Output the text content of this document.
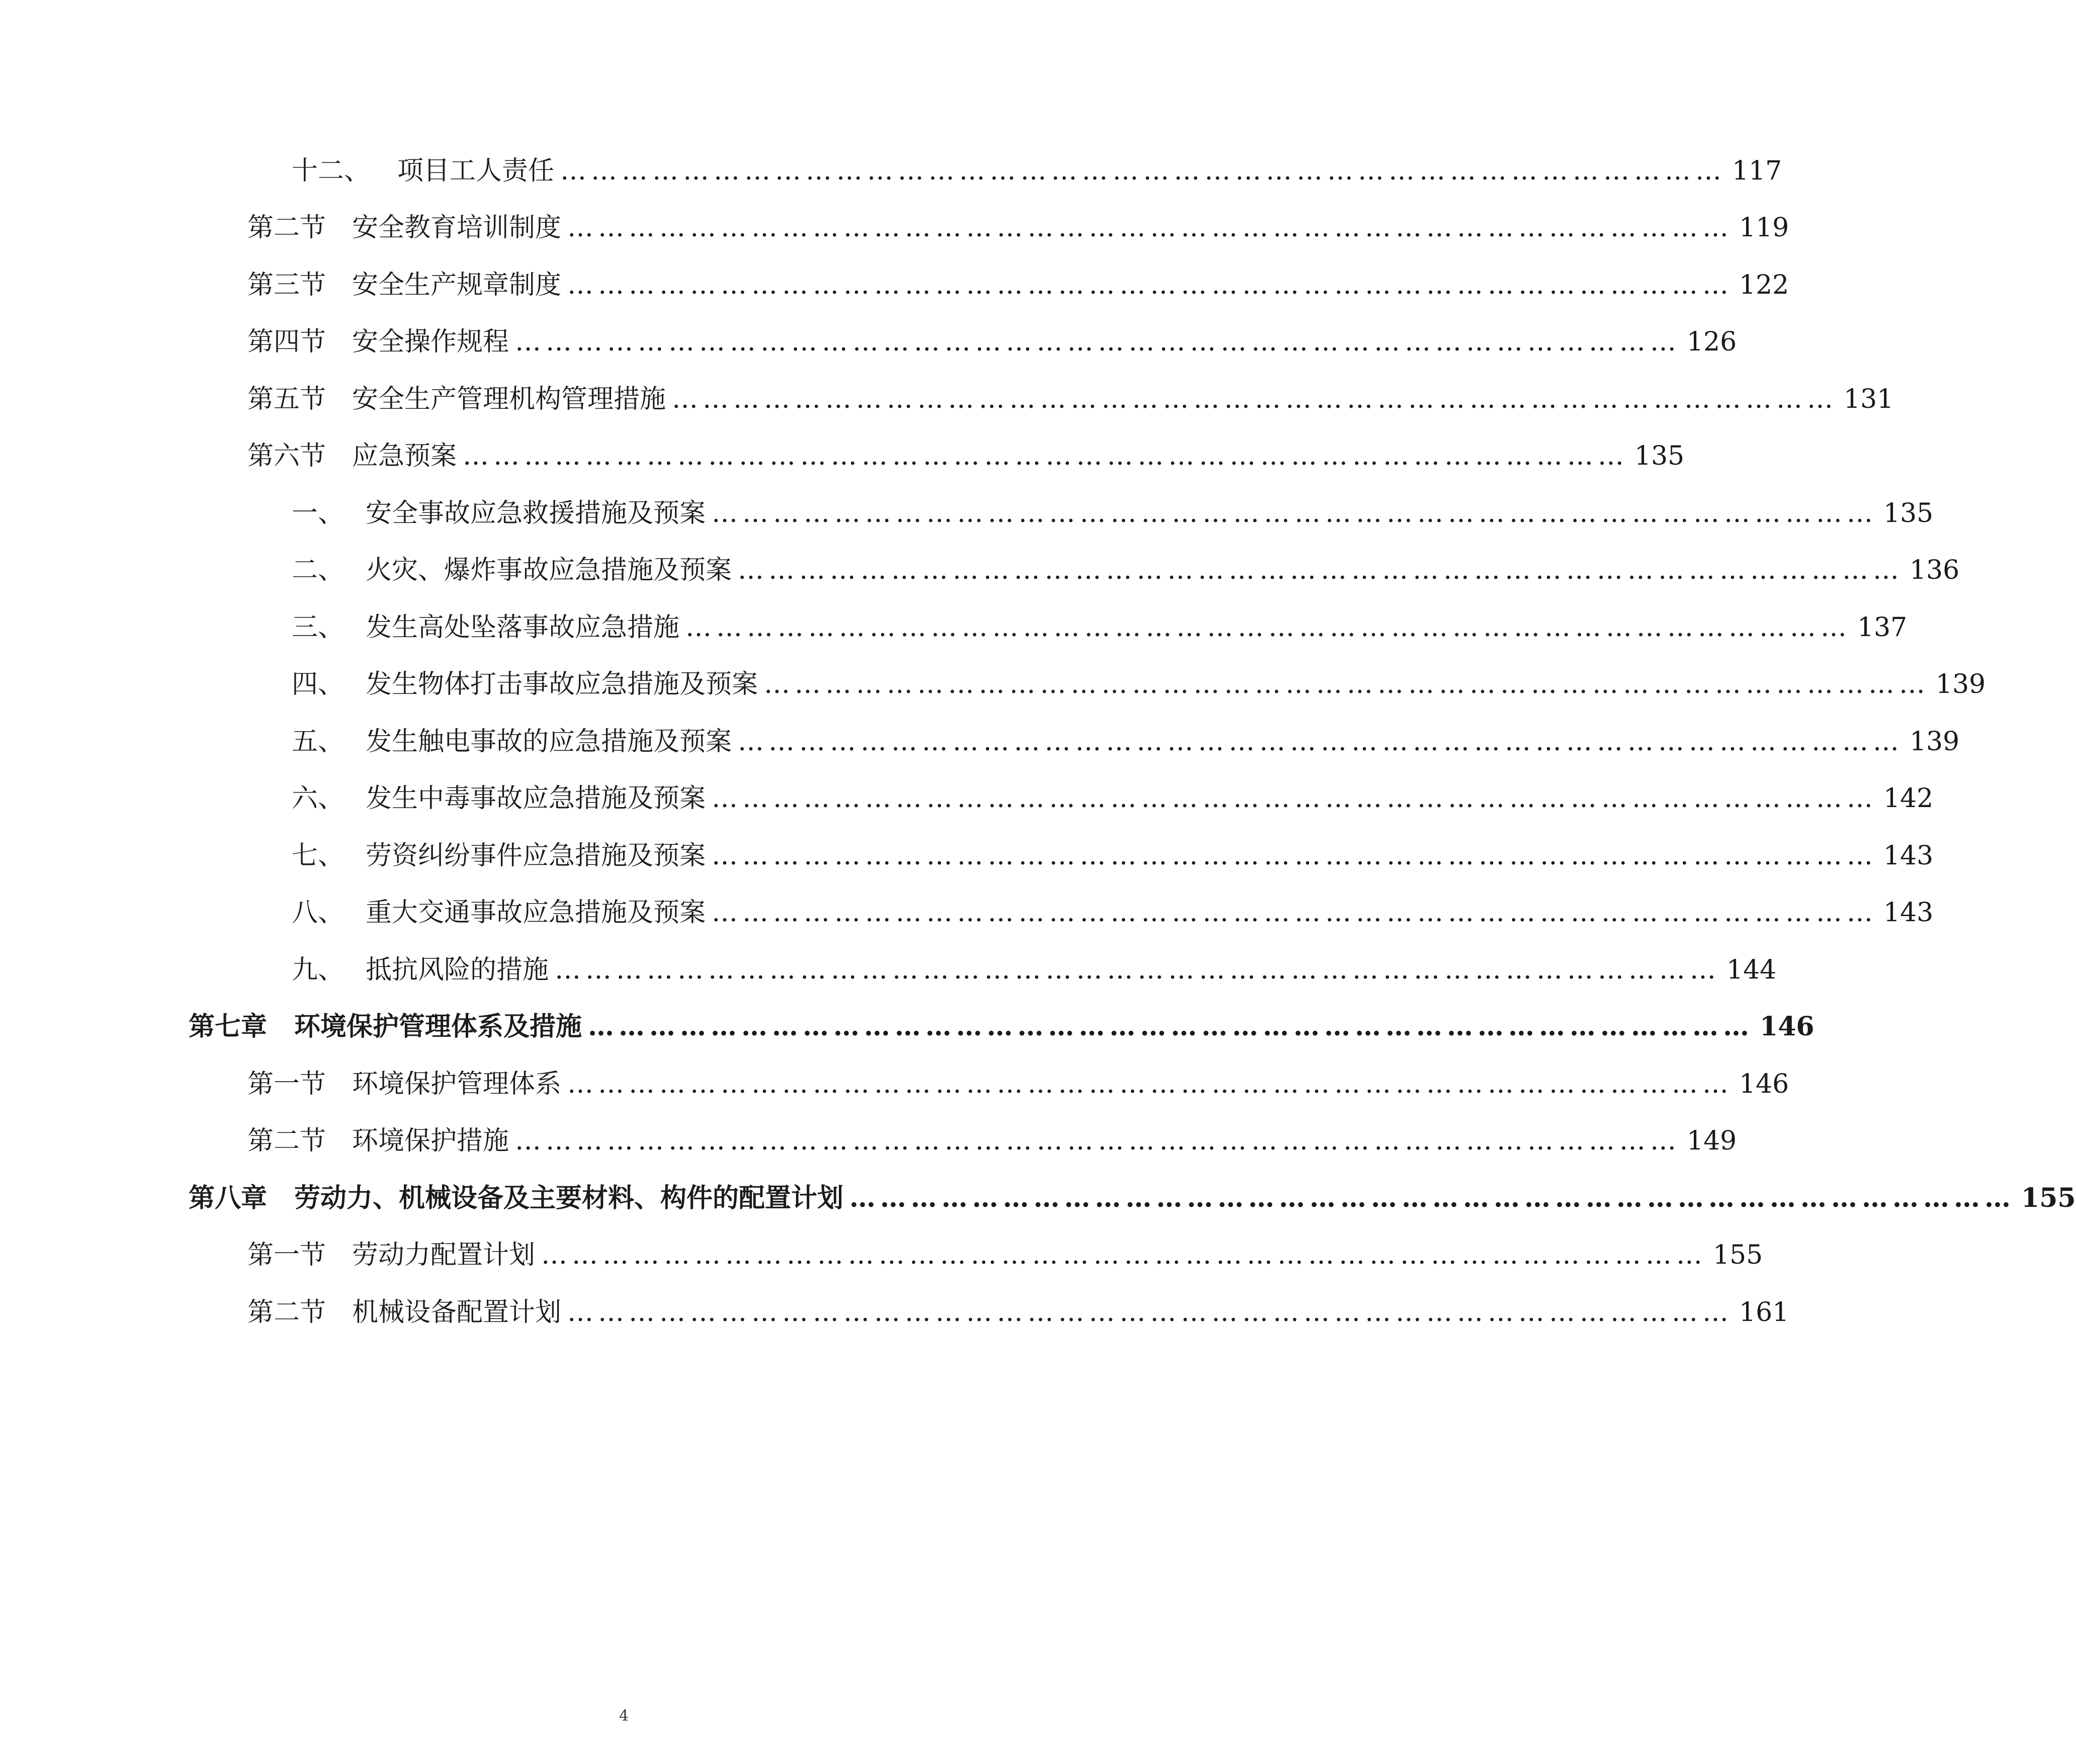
十二、	项目工人责任 …………………………………………………………………………………………………… 117
第二节 安全教育培训制度 …………………………………………………………………………………………………… 119
第三节 安全生产规章制度 …………………………………………………………………………………………………… 122
第四节 安全操作规程 …………………………………………………………………………………………………… 126
第五节 安全生产管理机构管理措施 …………………………………………………………………………………………………… 131
第六节 应急预案 …………………………………………………………………………………………………… 135
一、 安全事故应急救援措施及预案 …………………………………………………………………………………………………… 135
二、 火灾、爆炸事故应急措施及预案 …………………………………………………………………………………………………… 136
三、 发生高处坠落事故应急措施 …………………………………………………………………………………………………… 137
四、 发生物体打击事故应急措施及预案 …………………………………………………………………………………………………… 139
五、 发生触电事故的应急措施及预案 …………………………………………………………………………………………………… 139
六、 发生中毒事故应急措施及预案 …………………………………………………………………………………………………… 142
七、 劳资纠纷事件应急措施及预案 …………………………………………………………………………………………………… 143
八、 重大交通事故应急措施及预案 …………………………………………………………………………………………………… 143
九、 抵抗风险的措施 …………………………………………………………………………………………………… 144
第七章	环境保护管理体系及措施 …………………………………………………………………………………………………… 146
第一节 环境保护管理体系 …………………………………………………………………………………………………… 146
第二节 环境保护措施 …………………………………………………………………………………………………… 149
第八章	劳动力、机械设备及主要材料、构件的配置计划 …………………………………………………………………………………………………… 155
第一节 劳动力配置计划 …………………………………………………………………………………………………… 155
第二节 机械设备配置计划 …………………………………………………………………………………………………… 161
4
